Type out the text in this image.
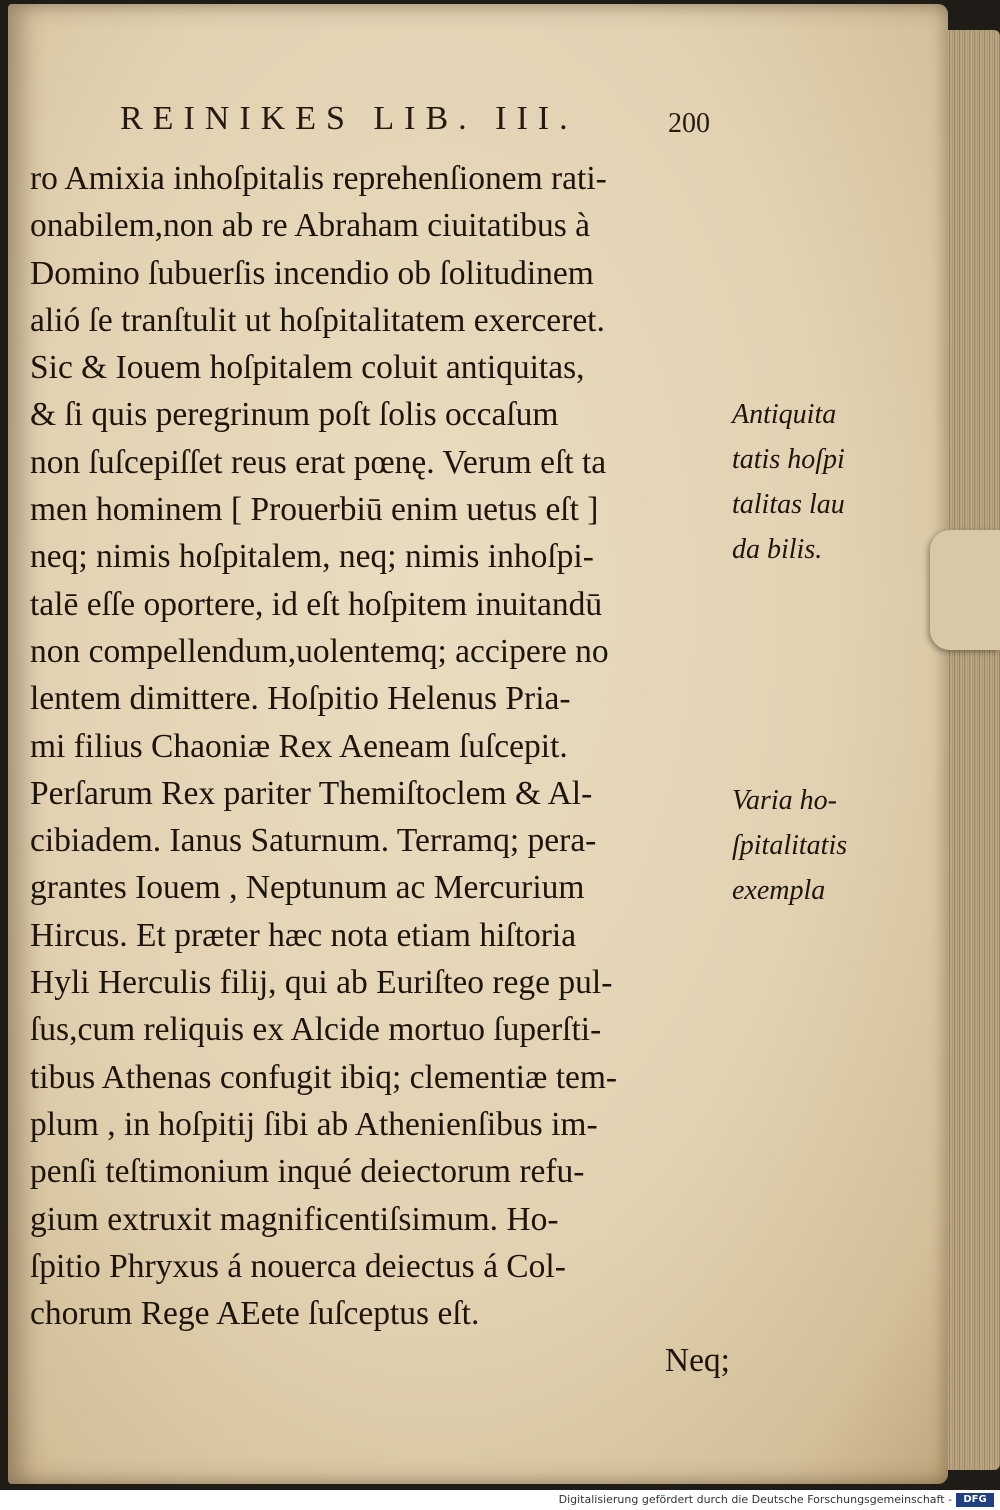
REINIKES LIB. III.	200
ro Amixia inhoſpitalis reprehenſionem rati-
onabilem,non ab re Abraham ciuitatibus à
Domino ſubuerſis incendio ob ſolitudinem
alió ſe tranſtulit ut hoſpitalitatem exerceret.
Sic & Iouem hoſpitalem coluit antiquitas,
& ſi quis peregrinum poſt ſolis occaſum
non ſuſcepiſſet reus erat pœnę. Verum eſt ta
men hominem [ Prouerbiū enim uetus eſt ]
neq; nimis hoſpitalem, neq; nimis inhoſpi-
talē eſſe oportere, id eſt hoſpitem inuitandū
non compellendum,uolentemq; accipere no
lentem dimittere. Hoſpitio Helenus Pria-
mi filius Chaoniæ Rex Aeneam ſuſcepit.
Perſarum Rex pariter Themiſtoclem & Al-
cibiadem. Ianus Saturnum. Terramq; pera-
grantes Iouem , Neptunum ac Mercurium
Hircus. Et præter hæc nota etiam hiſtoria
Hyli Herculis filij, qui ab Euriſteo rege pul-
ſus,cum reliquis ex Alcide mortuo ſuperſti-
tibus Athenas confugit ibiq; clementiæ tem-
plum , in hoſpitij ſibi ab Athenienſibus im-
penſi teſtimonium inqué deiectorum refu-
gium extruxit magnificentiſsimum. Ho-
ſpitio Phryxus á nouerca deiectus á Col-
chorum Rege AEete ſuſceptus eſt.
Neq;
Antiquita
tatis hoſpi
talitas lau
da bilis.
Varia ho-
ſpitalitatis
exempla
Digitalisierung gefördert durch die Deutsche Forschungsgemeinschaft -	DFG
